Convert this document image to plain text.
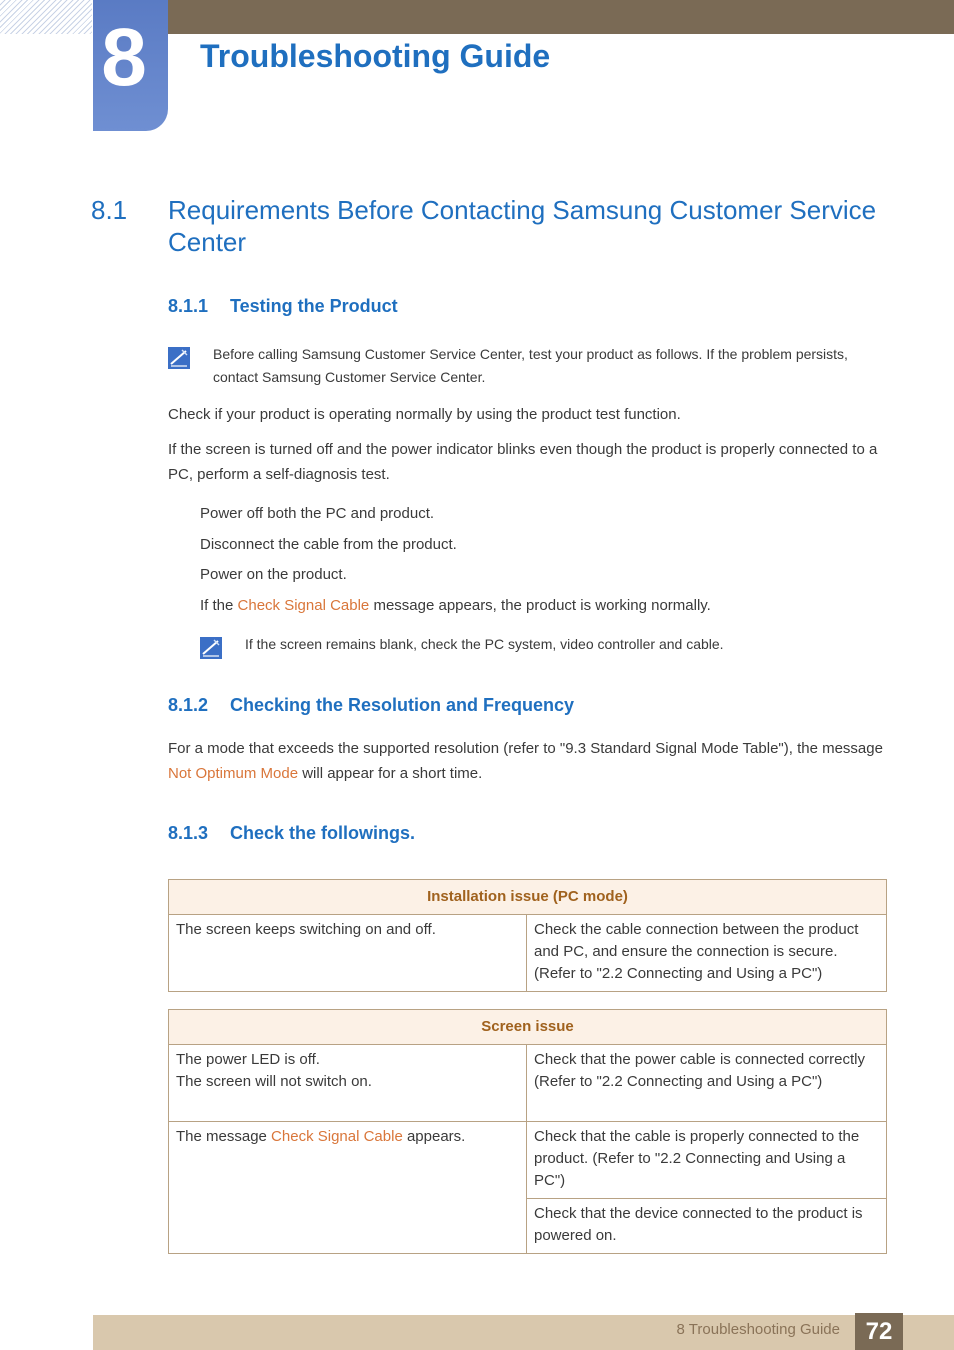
8 Troubleshooting Guide
8.1 Requirements Before Contacting Samsung Customer Service Center
8.1.1 Testing the Product
Before calling Samsung Customer Service Center, test your product as follows. If the problem persists, contact Samsung Customer Service Center.
Check if your product is operating normally by using the product test function.
If the screen is turned off and the power indicator blinks even though the product is properly connected to a PC, perform a self-diagnosis test.
Power off both the PC and product.
Disconnect the cable from the product.
Power on the product.
If the Check Signal Cable message appears, the product is working normally.
If the screen remains blank, check the PC system, video controller and cable.
8.1.2 Checking the Resolution and Frequency
For a mode that exceeds the supported resolution (refer to "9.3 Standard Signal Mode Table"), the message Not Optimum Mode will appear for a short time.
8.1.3 Check the followings.
Installation issue (PC mode)
The screen keeps switching on and off.	Check the cable connection between the product and PC, and ensure the connection is secure. (Refer to "2.2 Connecting and Using a PC")
Screen issue	

The power LED is off.
The screen will not switch on.	Check that the power cable is connected correctly (Refer to "2.2 Connecting and Using a PC")
The message Check Signal Cable appears.	Check that the cable is properly connected to the product. (Refer to "2.2 Connecting and Using a PC")
	Check that the device connected to the product is powered on.
8 Troubleshooting Guide	72
